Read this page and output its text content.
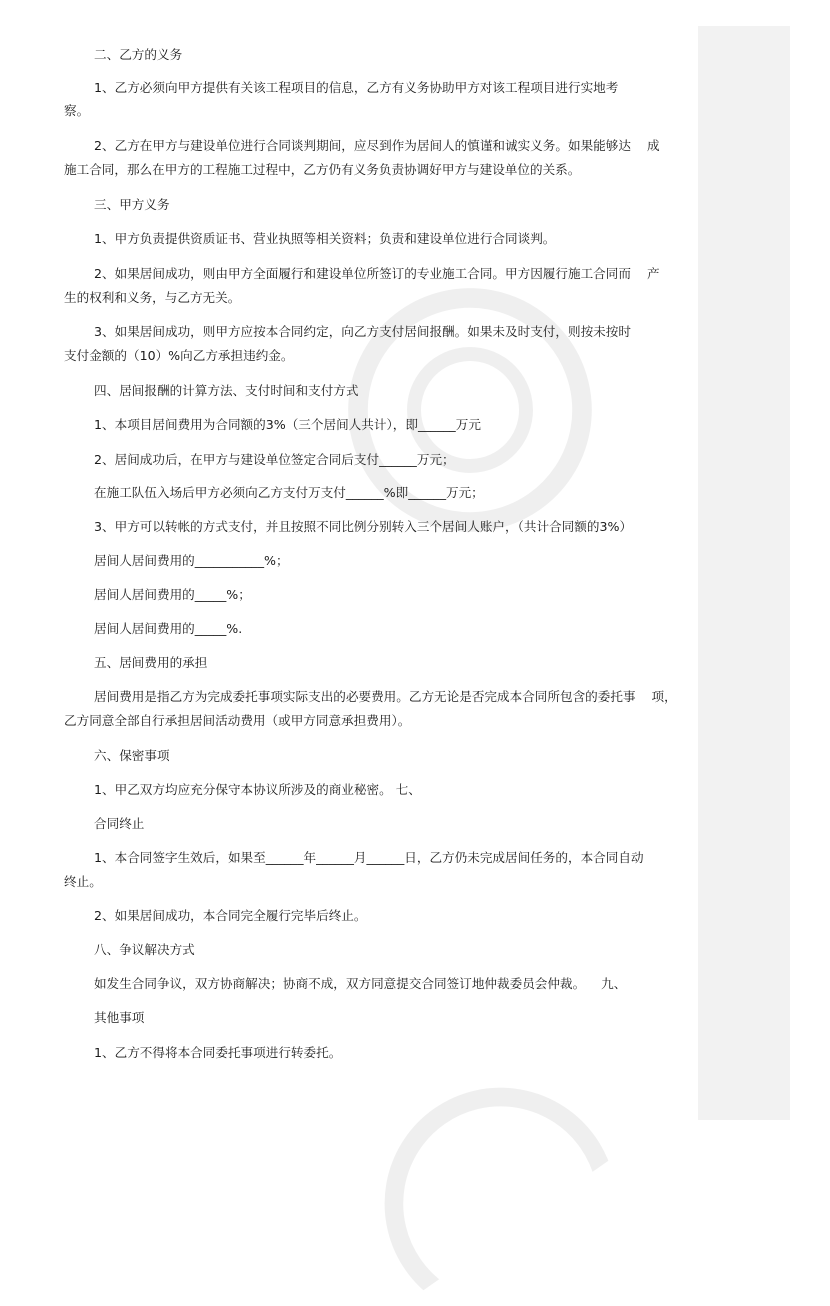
二、乙方的义务
1、乙方必须向甲方提供有关该工程项目的信息，乙方有义务协助甲方对该工程项目进行实地考
察。
2、乙方在甲方与建设单位进行合同谈判期间，应尽到作为居间人的慎谨和诚实义务。如果能够达    成
施工合同，那么在甲方的工程施工过程中，乙方仍有义务负责协调好甲方与建设单位的关系。
三、甲方义务
1、甲方负责提供资质证书、营业执照等相关资料；负责和建设单位进行合同谈判。
2、如果居间成功，则由甲方全面履行和建设单位所签订的专业施工合同。甲方因履行施工合同而    产
生的权利和义务，与乙方无关。
3、如果居间成功，则甲方应按本合同约定，向乙方支付居间报酬。如果未及时支付，则按未按时
支付金额的（10）%向乙方承担违约金。
四、居间报酬的计算方法、支付时间和支付方式
1、本项目居间费用为合同额的3%（三个居间人共计），即______万元
2、居间成功后，在甲方与建设单位签定合同后支付______万元；
在施工队伍入场后甲方必须向乙方支付万支付______%即______万元；
3、甲方可以转帐的方式支付，并且按照不同比例分别转入三个居间人账户，（共计合同额的3%）
居间人居间费用的___________%；
居间人居间费用的_____%；
居间人居间费用的_____%.
五、居间费用的承担
居间费用是指乙方为完成委托事项实际支出的必要费用。乙方无论是否完成本合同所包含的委托事    项，
乙方同意全部自行承担居间活动费用（或甲方同意承担费用）。
六、保密事项
1、甲乙双方均应充分保守本协议所涉及的商业秘密。 七、
合同终止
1、本合同签字生效后，如果至______年______月______日，乙方仍未完成居间任务的，本合同自动
终止。
2、如果居间成功，本合同完全履行完毕后终止。
八、争议解决方式
如发生合同争议，双方协商解决；协商不成，双方同意提交合同签订地仲裁委员会仲裁。    九、
其他事项
1、乙方不得将本合同委托事项进行转委托。
